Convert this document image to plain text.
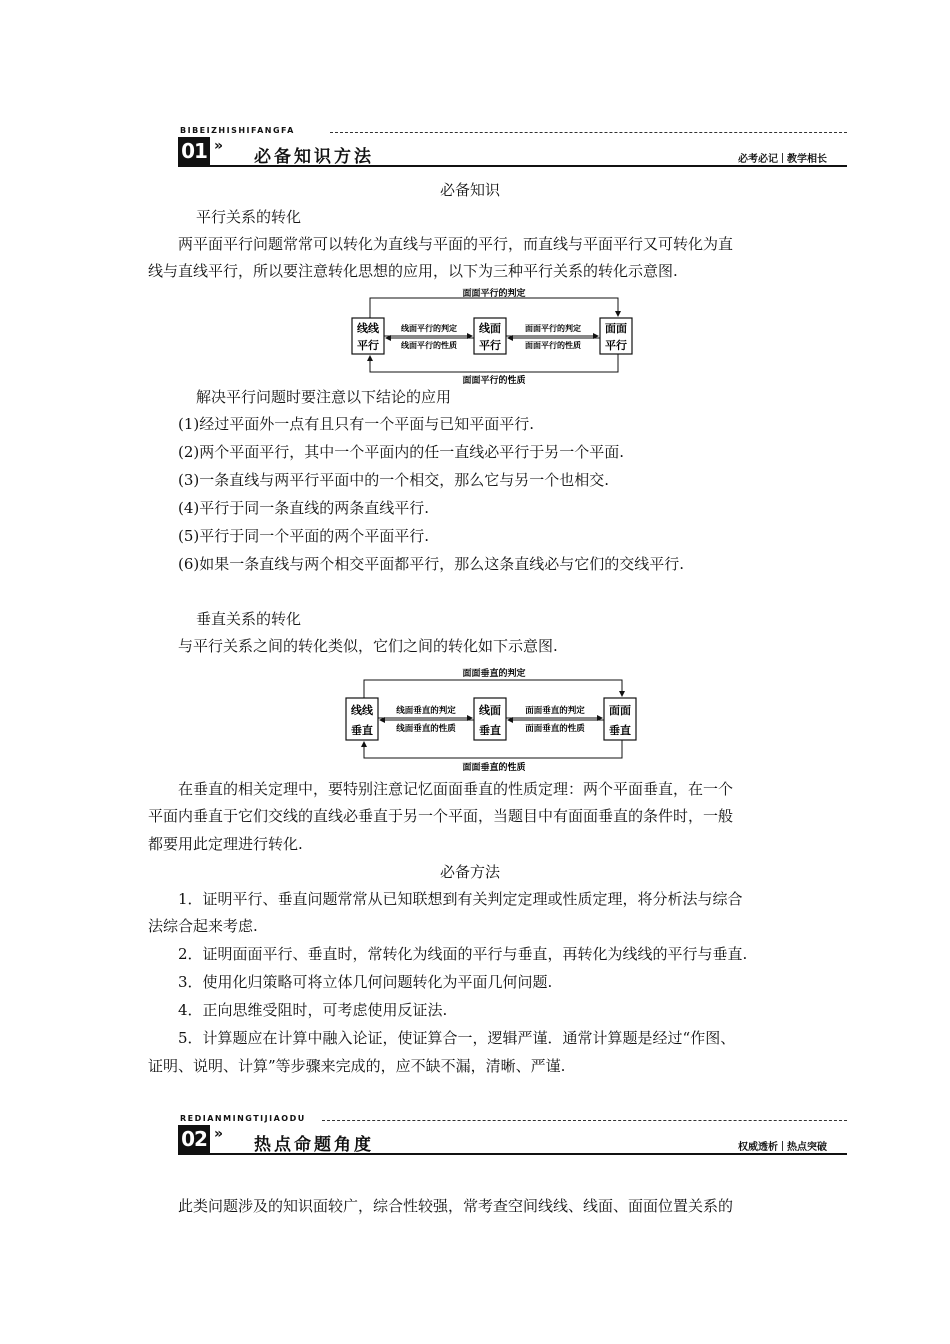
BIBEIZHISHIFANGFA
01 »
必备知识方法	必考必记 教学相长
必备知识
平行关系的转化
两平面平行问题常常可以转化为直线与平面的平行，而直线与平面平行又可转化为直
线与直线平行，所以要注意转化思想的应用，以下为三种平行关系的转化示意图.
面面平行的判定
面面平行的性质
线线
平行
线面
平行
面面
平行
线面平行的判定
线面平行的性质
面面平行的判定
面面平行的性质
解决平行问题时要注意以下结论的应用
(1)经过平面外一点有且只有一个平面与已知平面平行.
(2)两个平面平行，其中一个平面内的任一直线必平行于另一个平面.
(3)一条直线与两平行平面中的一个相交，那么它与另一个也相交.
(4)平行于同一条直线的两条直线平行.
(5)平行于同一个平面的两个平面平行.
(6)如果一条直线与两个相交平面都平行，那么这条直线必与它们的交线平行.
垂直关系的转化
与平行关系之间的转化类似，它们之间的转化如下示意图.
面面垂直的判定
面面垂直的性质
线线
垂直
线面
垂直
面面
垂直
线面垂直的判定
线面垂直的性质
面面垂直的判定
面面垂直的性质
在垂直的相关定理中，要特别注意记忆面面垂直的性质定理：两个平面垂直，在一个
平面内垂直于它们交线的直线必垂直于另一个平面，当题目中有面面垂直的条件时，一般
都要用此定理进行转化.
必备方法
1．证明平行、垂直问题常常从已知联想到有关判定定理或性质定理，将分析法与综合
法综合起来考虑.
2．证明面面平行、垂直时，常转化为线面的平行与垂直，再转化为线线的平行与垂直.
3．使用化归策略可将立体几何问题转化为平面几何问题.
4．正向思维受阻时，可考虑使用反证法.
5．计算题应在计算中融入论证，使证算合一，逻辑严谨．通常计算题是经过“作图、
证明、说明、计算”等步骤来完成的，应不缺不漏，清晰、严谨.
REDIANMINGTIJIAODU
02 »
热点命题角度	权威透析 热点突破
此类问题涉及的知识面较广，综合性较强，常考查空间线线、线面、面面位置关系的
